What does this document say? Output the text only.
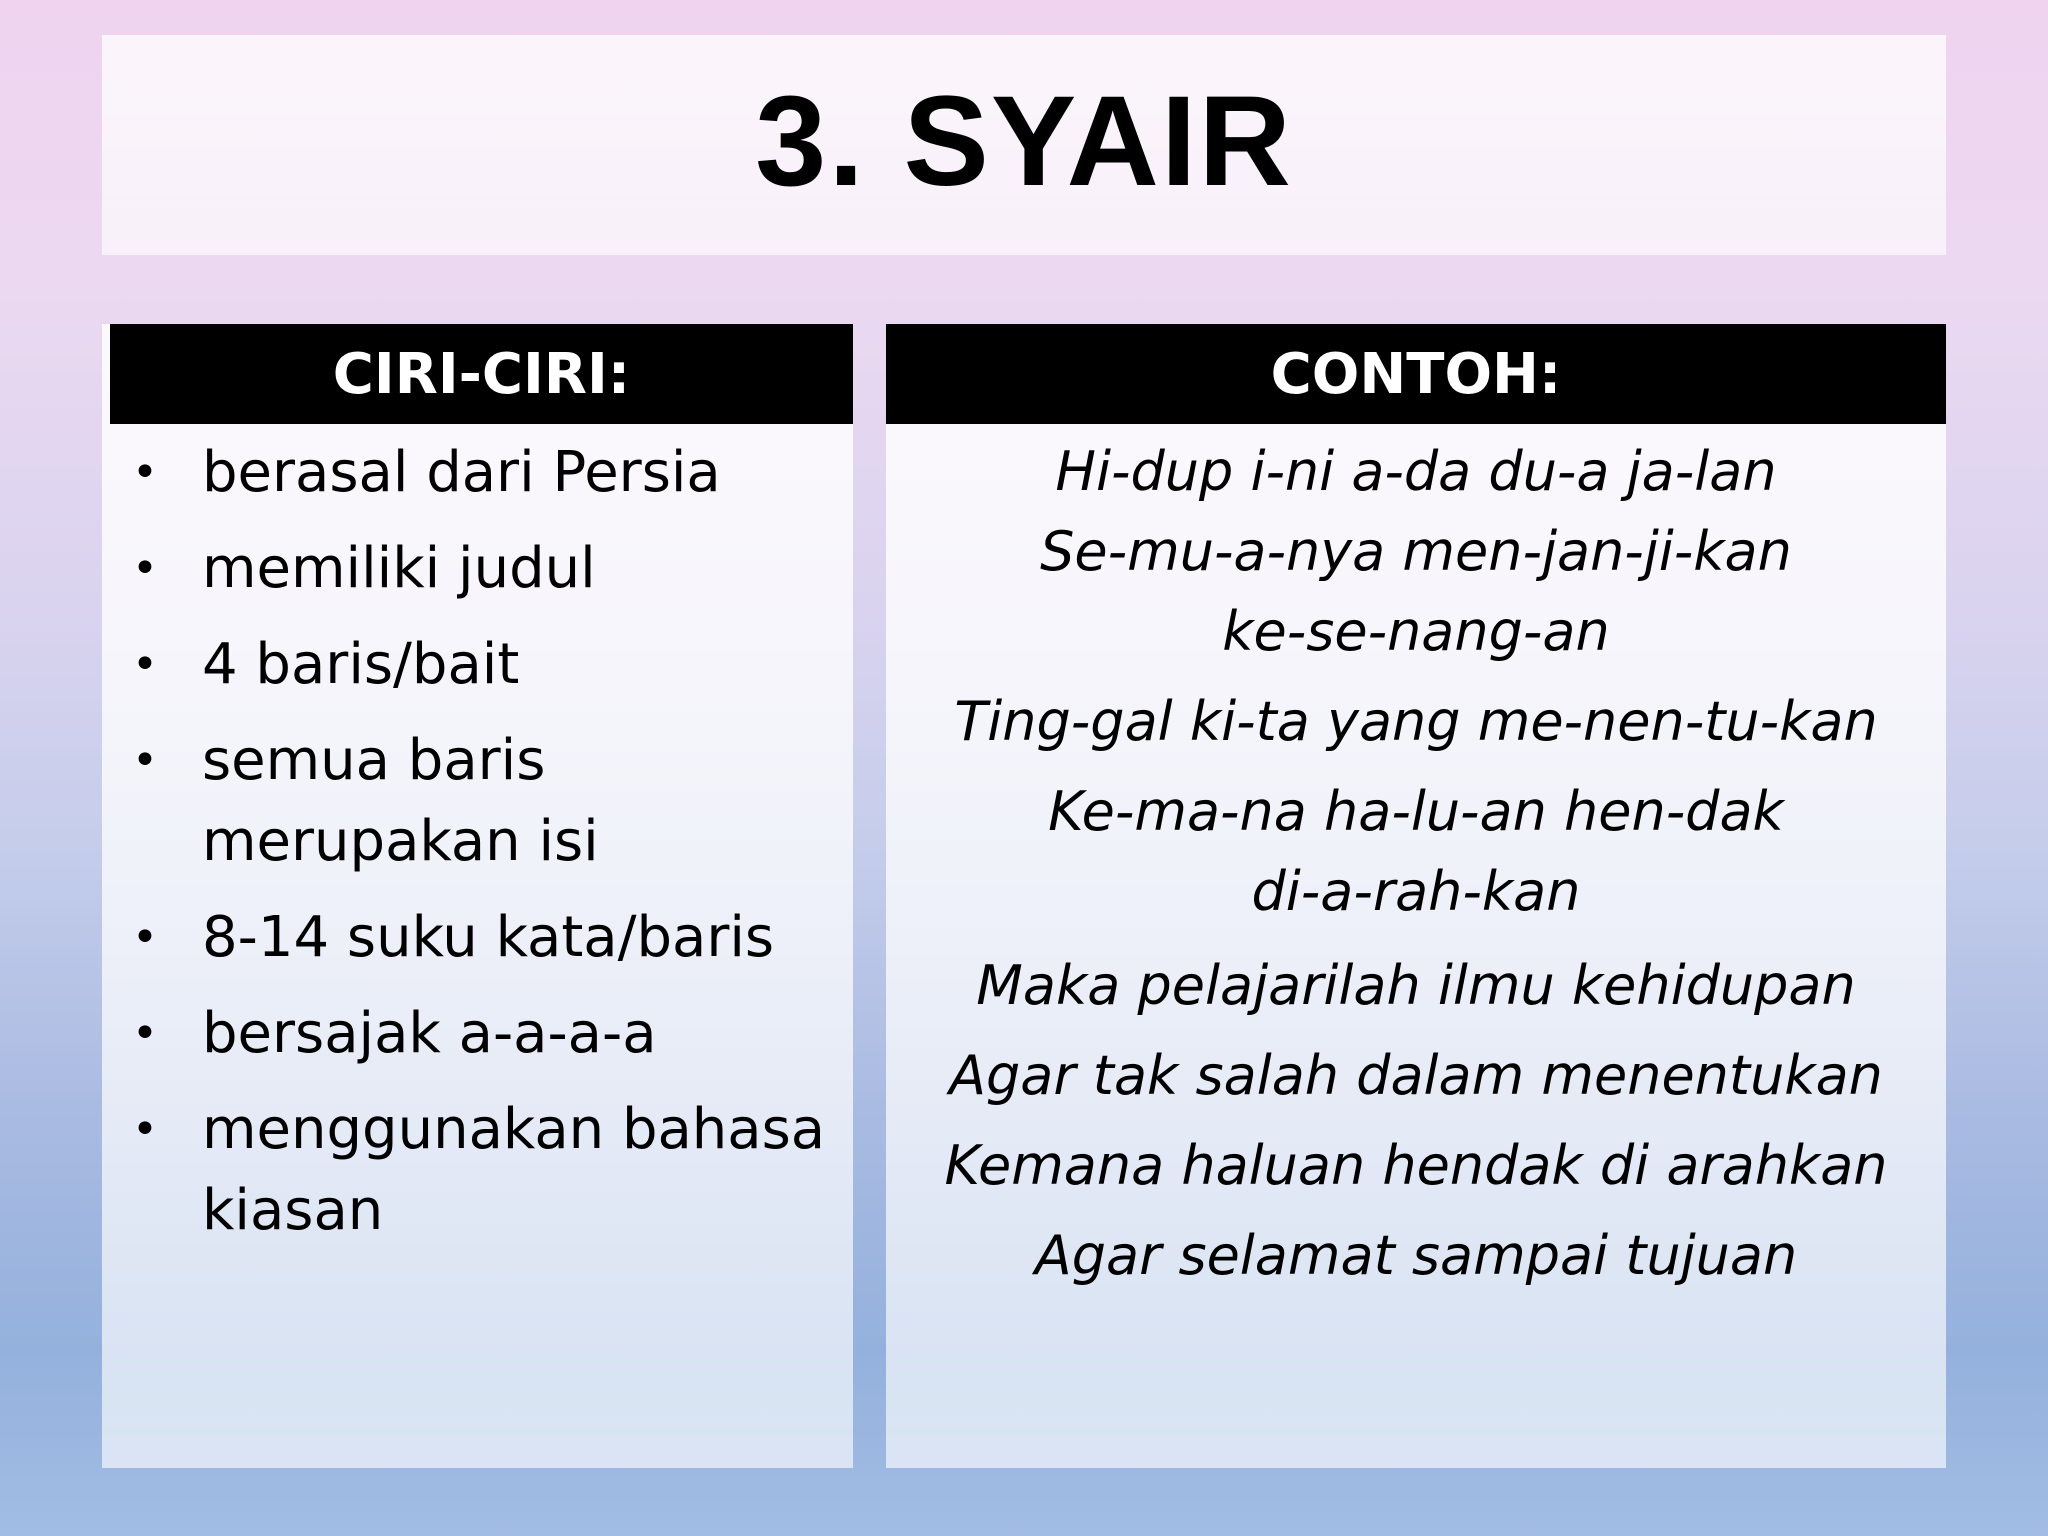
3. SYAIR
CIRI-CIRI:
• berasal dari Persia
• memiliki judul
• 4 baris/bait
• semua baris merupakan isi
• 8-14 suku kata/baris
• bersajak a-a-a-a
• menggunakan bahasa kiasan
CONTOH:
Hi-dup i-ni a-da du-a ja-lan
Se-mu-a-nya men-jan-ji-kan
ke-se-nang-an
Ting-gal ki-ta yang me-nen-tu-kan
Ke-ma-na ha-lu-an hen-dak
di-a-rah-kan
Maka pelajarilah ilmu kehidupan
Agar tak salah dalam menentukan
Kemana haluan hendak di arahkan
Agar selamat sampai tujuan
